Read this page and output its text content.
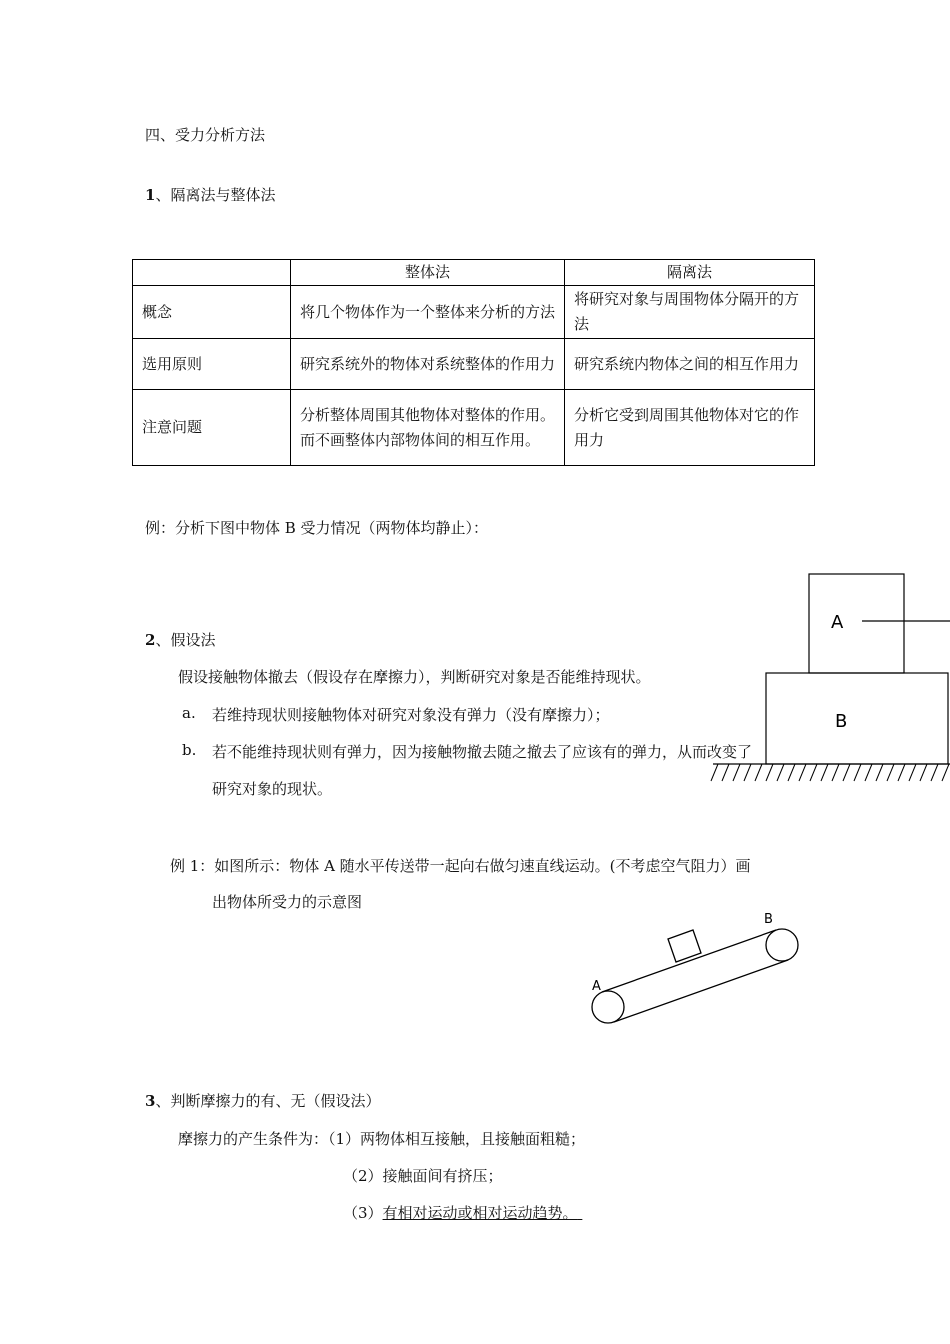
四、受力分析方法
1、隔离法与整体法
	整体法	隔离法
概念	将几个物体作为一个整体来分析的方法	将研究对象与周围物体分隔开的方法
选用原则	研究系统外的物体对系统整体的作用力	研究系统内物体之间的相互作用力
注意问题	分析整体周围其他物体对整体的作用。而不画整体内部物体间的相互作用。	分析它受到周围其他物体对它的作用力
例：分析下图中物体 B 受力情况（两物体均静止）：
A
B
2、假设法
假设接触物体撤去（假设存在摩擦力），判断研究对象是否能维持现状。
a. 若维持现状则接触物体对研究对象没有弹力（没有摩擦力）；
b. 若不能维持现状则有弹力，因为接触物撤去随之撤去了应该有的弹力，从而改变了
研究对象的现状。
例 1：如图所示：物体 A 随水平传送带一起向右做匀速直线运动。(不考虑空气阻力）画
出物体所受力的示意图
A
B
3、判断摩擦力的有、无（假设法）
摩擦力的产生条件为：（1）两物体相互接触，且接触面粗糙；
（2）接触面间有挤压；
（3）有相对运动或相对运动趋势。
